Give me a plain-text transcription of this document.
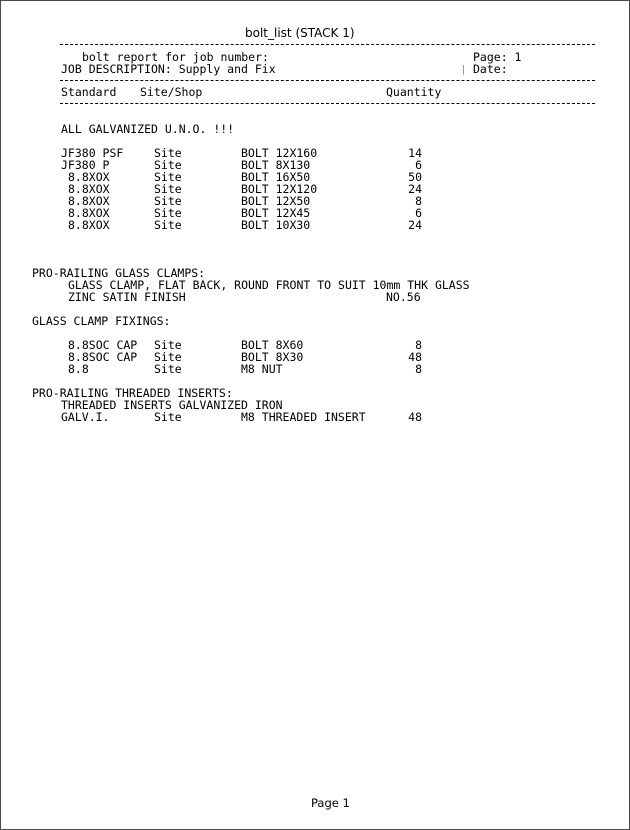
bolt_list (STACK 1)
bolt report for job number:	Page: 1
JOB DESCRIPTION: Supply and Fix	Date:
Standard Site/Shop	Quantity
ALL GALVANIZED U.N.O. !!!
JF380 PSF	Site	BOLT 12X160	14
JF380 P	Site	BOLT 8X130	6
8.8XOX	Site	BOLT 16X50	50
8.8XOX	Site	BOLT 12X120	24
8.8XOX	Site	BOLT 12X50	8
8.8XOX	Site	BOLT 12X45	6
8.8XOX	Site	BOLT 10X30	24
PRO-RAILING GLASS CLAMPS:
GLASS CLAMP, FLAT BACK, ROUND FRONT TO SUIT 10mm THK GLASS
ZINC SATIN FINISH	NO.56
GLASS CLAMP FIXINGS:
8.8SOC CAP Site	BOLT 8X60	8
8.8SOC CAP Site	BOLT 8X30	48
8.8	Site	M8 NUT	8
PRO-RAILING THREADED INSERTS:
THREADED INSERTS GALVANIZED IRON
GALV.I.	Site	M8 THREADED INSERT	48
Page 1
